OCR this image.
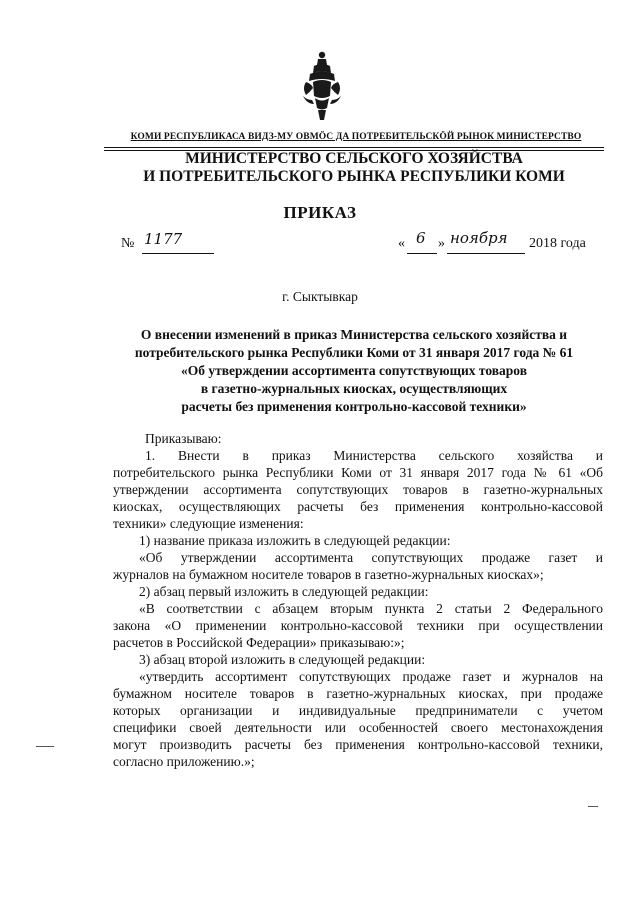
КОМИ РЕСПУБЛИКАСА ВИДЗ-МУ ОВМÖС ДА ПОТРЕБИТЕЛЬСКÖЙ РЫНОК МИНИСТЕРСТВО
МИНИСТЕРСТВО СЕЛЬСКОГО ХОЗЯЙСТВА
И ПОТРЕБИТЕЛЬСКОГО РЫНКА РЕСПУБЛИКИ КОМИ
ПРИКАЗ
№ 1177	« 6 » ноября 2018 года
г. Сыктывкар
О внесении изменений в приказ Министерства сельского хозяйства и
потребительского рынка Республики Коми от 31 января 2017 года № 61
«Об утверждении ассортимента сопутствующих товаров
в газетно-журнальных киосках, осуществляющих
расчеты без применения контрольно-кассовой техники»
Приказываю:
1. Внести в приказ Министерства сельского хозяйства и
потребительского рынка Республики Коми от 31 января 2017 года № 61 «Об
утверждении ассортимента сопутствующих товаров в газетно-журнальных
киосках, осуществляющих расчеты без применения контрольно-кассовой
техники» следующие изменения:
1) название приказа изложить в следующей редакции:
«Об утверждении ассортимента сопутствующих продаже газет и
журналов на бумажном носителе товаров в газетно-журнальных киосках»;
2) абзац первый изложить в следующей редакции:
«В соответствии с абзацем вторым пункта 2 статьи 2 Федерального
закона «О применении контрольно-кассовой техники при осуществлении
расчетов в Российской Федерации» приказываю:»;
3) абзац второй изложить в следующей редакции:
«утвердить ассортимент сопутствующих продаже газет и журналов на
бумажном носителе товаров в газетно-журнальных киосках, при продаже
которых организации и индивидуальные предприниматели с учетом
специфики своей деятельности или особенностей своего местонахождения
могут производить расчеты без применения контрольно-кассовой техники,
согласно приложению.»;
